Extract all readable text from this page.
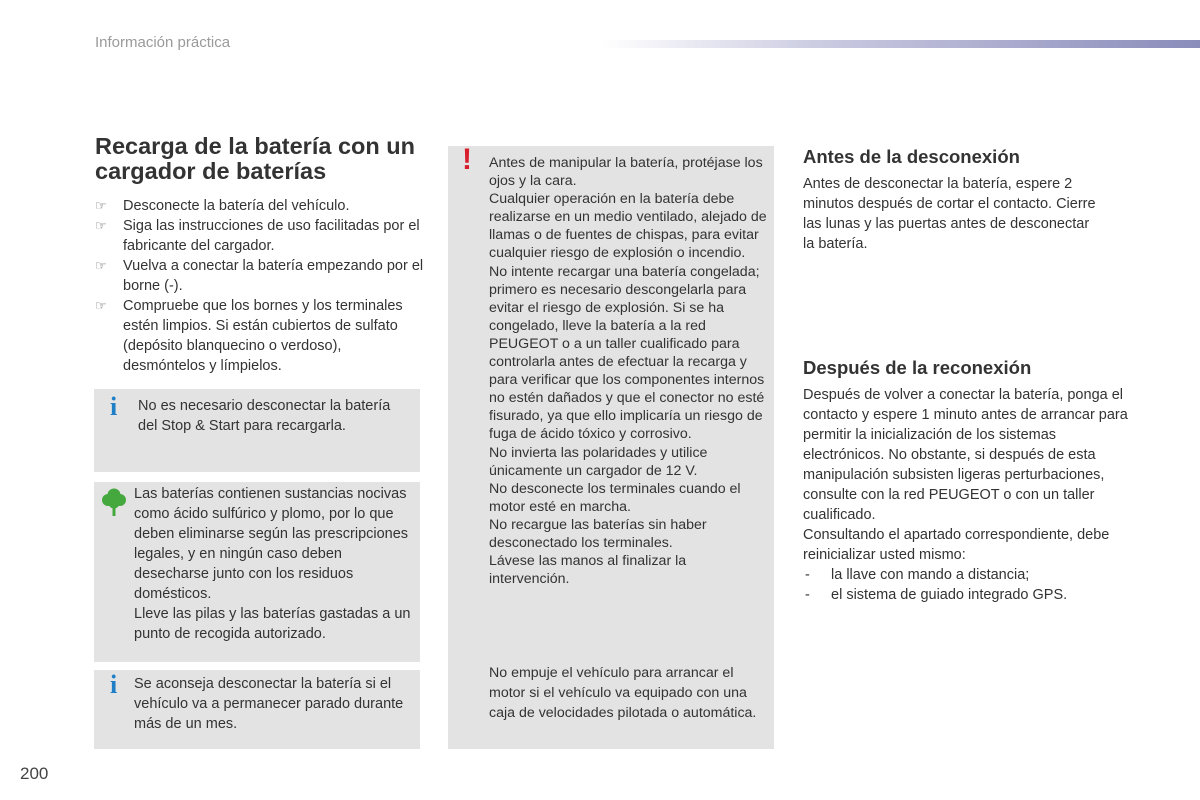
Información práctica
Recarga de la batería con un cargador de baterías
☞ Desconecte la batería del vehículo.
☞ Siga las instrucciones de uso facilitadas por el fabricante del cargador.
☞ Vuelva a conectar la batería empezando por el borne (-).
☞ Compruebe que los bornes y los terminales estén limpios. Si están cubiertos de sulfato (depósito blanquecino o verdoso), desmóntelos y límpielos.
i No es necesario desconectar la batería del Stop & Start para recargarla.
Las baterías contienen sustancias nocivas como ácido sulfúrico y plomo, por lo que deben eliminarse según las prescripciones legales, y en ningún caso deben desecharse junto con los residuos domésticos.
Lleve las pilas y las baterías gastadas a un punto de recogida autorizado.
i Se aconseja desconectar la batería si el vehículo va a permanecer parado durante más de un mes.
! Antes de manipular la batería, protéjase los ojos y la cara.
Cualquier operación en la batería debe realizarse en un medio ventilado, alejado de llamas o de fuentes de chispas, para evitar cualquier riesgo de explosión o incendio.
No intente recargar una batería congelada; primero es necesario descongelarla para evitar el riesgo de explosión. Si se ha congelado, lleve la batería a la red PEUGEOT o a un taller cualificado para controlarla antes de efectuar la recarga y para verificar que los componentes internos no estén dañados y que el conector no esté fisurado, ya que ello implicaría un riesgo de fuga de ácido tóxico y corrosivo.
No invierta las polaridades y utilice únicamente un cargador de 12 V.
No desconecte los terminales cuando el motor esté en marcha.
No recargue las baterías sin haber desconectado los terminales.
Lávese las manos al finalizar la intervención.
No empuje el vehículo para arrancar el motor si el vehículo va equipado con una caja de velocidades pilotada o automática.
Antes de la desconexión
Antes de desconectar la batería, espere 2 minutos después de cortar el contacto. Cierre las lunas y las puertas antes de desconectar la batería.
Después de la reconexión
Después de volver a conectar la batería, ponga el contacto y espere 1 minuto antes de arrancar para permitir la inicialización de los sistemas electrónicos. No obstante, si después de esta manipulación subsisten ligeras perturbaciones, consulte con la red PEUGEOT o con un taller cualificado.
Consultando el apartado correspondiente, debe reinicializar usted mismo:
- la llave con mando a distancia;
- el sistema de guiado integrado GPS.
200
